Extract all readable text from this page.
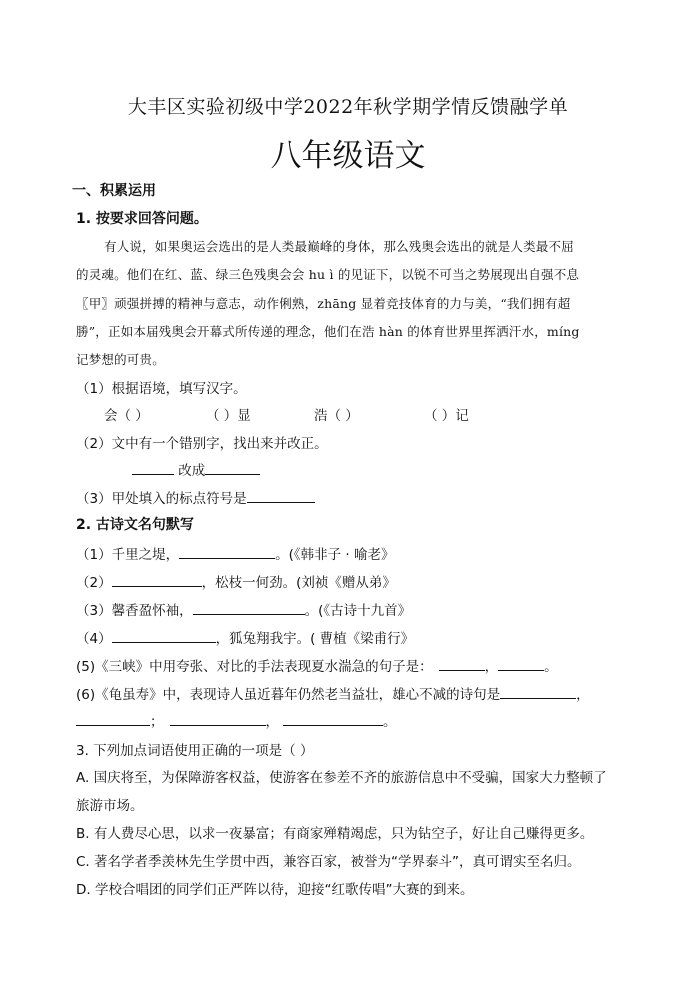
大丰区实验初级中学2022年秋学期学情反馈融学单
八年级语文
一、积累运用
1. 按要求回答问题。
有人说，如果奥运会选出的是人类最巅峰的身体，那么残奥会选出的就是人类最不屈
的灵魂。他们在红、蓝、绿三色残奥会会 hu ì 的见证下，以锐不可当之势展现出自强不息
〖甲〗顽强拼搏的精神与意志，动作俐熟，zhāng 显着竞技体育的力与美，“我们拥有超
勝”，正如本届残奥会开幕式所传递的理念，他们在浩 hàn 的体育世界里挥洒汗水，míng
记梦想的可贵。
（1）根据语境，填写汉字。
会（ ）	（ ）显	浩（ ）	（ ）记
（2）文中有一个错别字，找出来并改正。
改成
（3）甲处填入的标点符号是
2. 古诗文名句默写
（1）千里之堤，	。(《韩非子 · 喻老》
（2）	，松枝一何劲。(刘祯《赠从弟》
（3）馨香盈怀袖，	。(《古诗十九首》
（4）	，狐兔翔我宇。( 曹植《梁甫行》
(5)《三峡》中用夸张、对比的手法表现夏水湍急的句子是：	，	。
(6)《龟虽寿》中，表现诗人虽近暮年仍然老当益壮，雄心不减的诗句是	，
；	，	。
3. 下列加点词语使用正确的一项是（ ）
A. 国庆将至，为保障游客权益，使游客在参差不齐的旅游信息中不受骗，国家大力整顿了
旅游市场。
B. 有人费尽心思，以求一夜暴富；有商家殚精竭虑，只为钻空子，好让自己赚得更多。
C. 著名学者季羡林先生学贯中西，兼容百家，被誉为“学界泰斗”，真可谓实至名归。
D. 学校合唱团的同学们正严阵以待，迎接“红歌传唱”大赛的到来。
